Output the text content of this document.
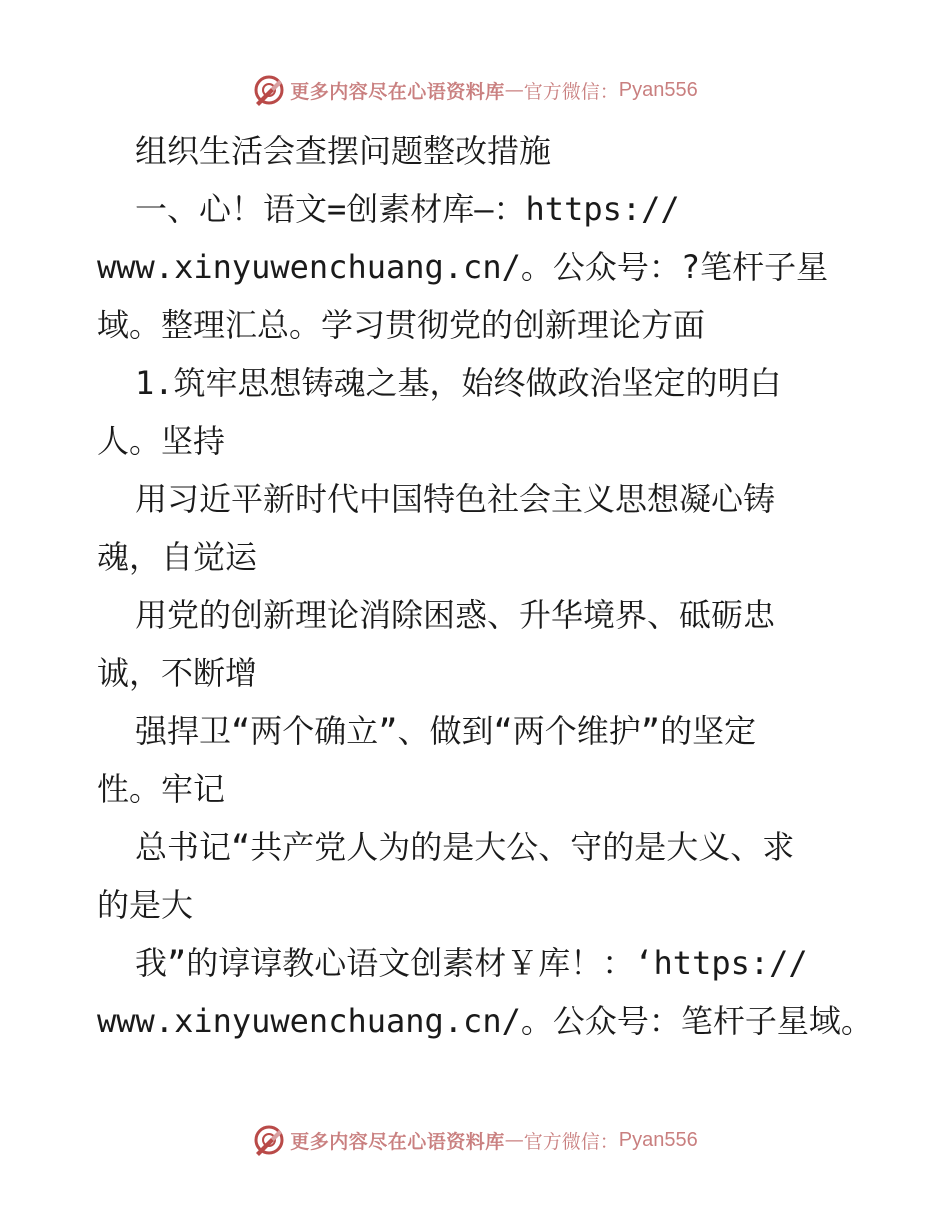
更多内容尽在心语资料库 — 官方微信： Pyan556
组织生活会查摆问题整改措施
一、心！语文=创素材库—：https://
www.xinyuwenchuang.cn/。公众号：?笔杆子星
域。整理汇总。学习贯彻党的创新理论方面
1.筑牢思想铸魂之基，始终做政治坚定的明白
人。坚持
用习近平新时代中国特色社会主义思想凝心铸
魂，自觉运
用党的创新理论消除困惑、升华境界、砥砺忠
诚，不断增
强捍卫“两个确立”、做到“两个维护”的坚定
性。牢记
总书记“共产党人为的是大公、守的是大义、求
的是大
我”的谆谆教心语文创素材￥库！：‘https://
www.xinyuwenchuang.cn/。公众号：笔杆子星域。
更多内容尽在心语资料库 — 官方微信： Pyan556
